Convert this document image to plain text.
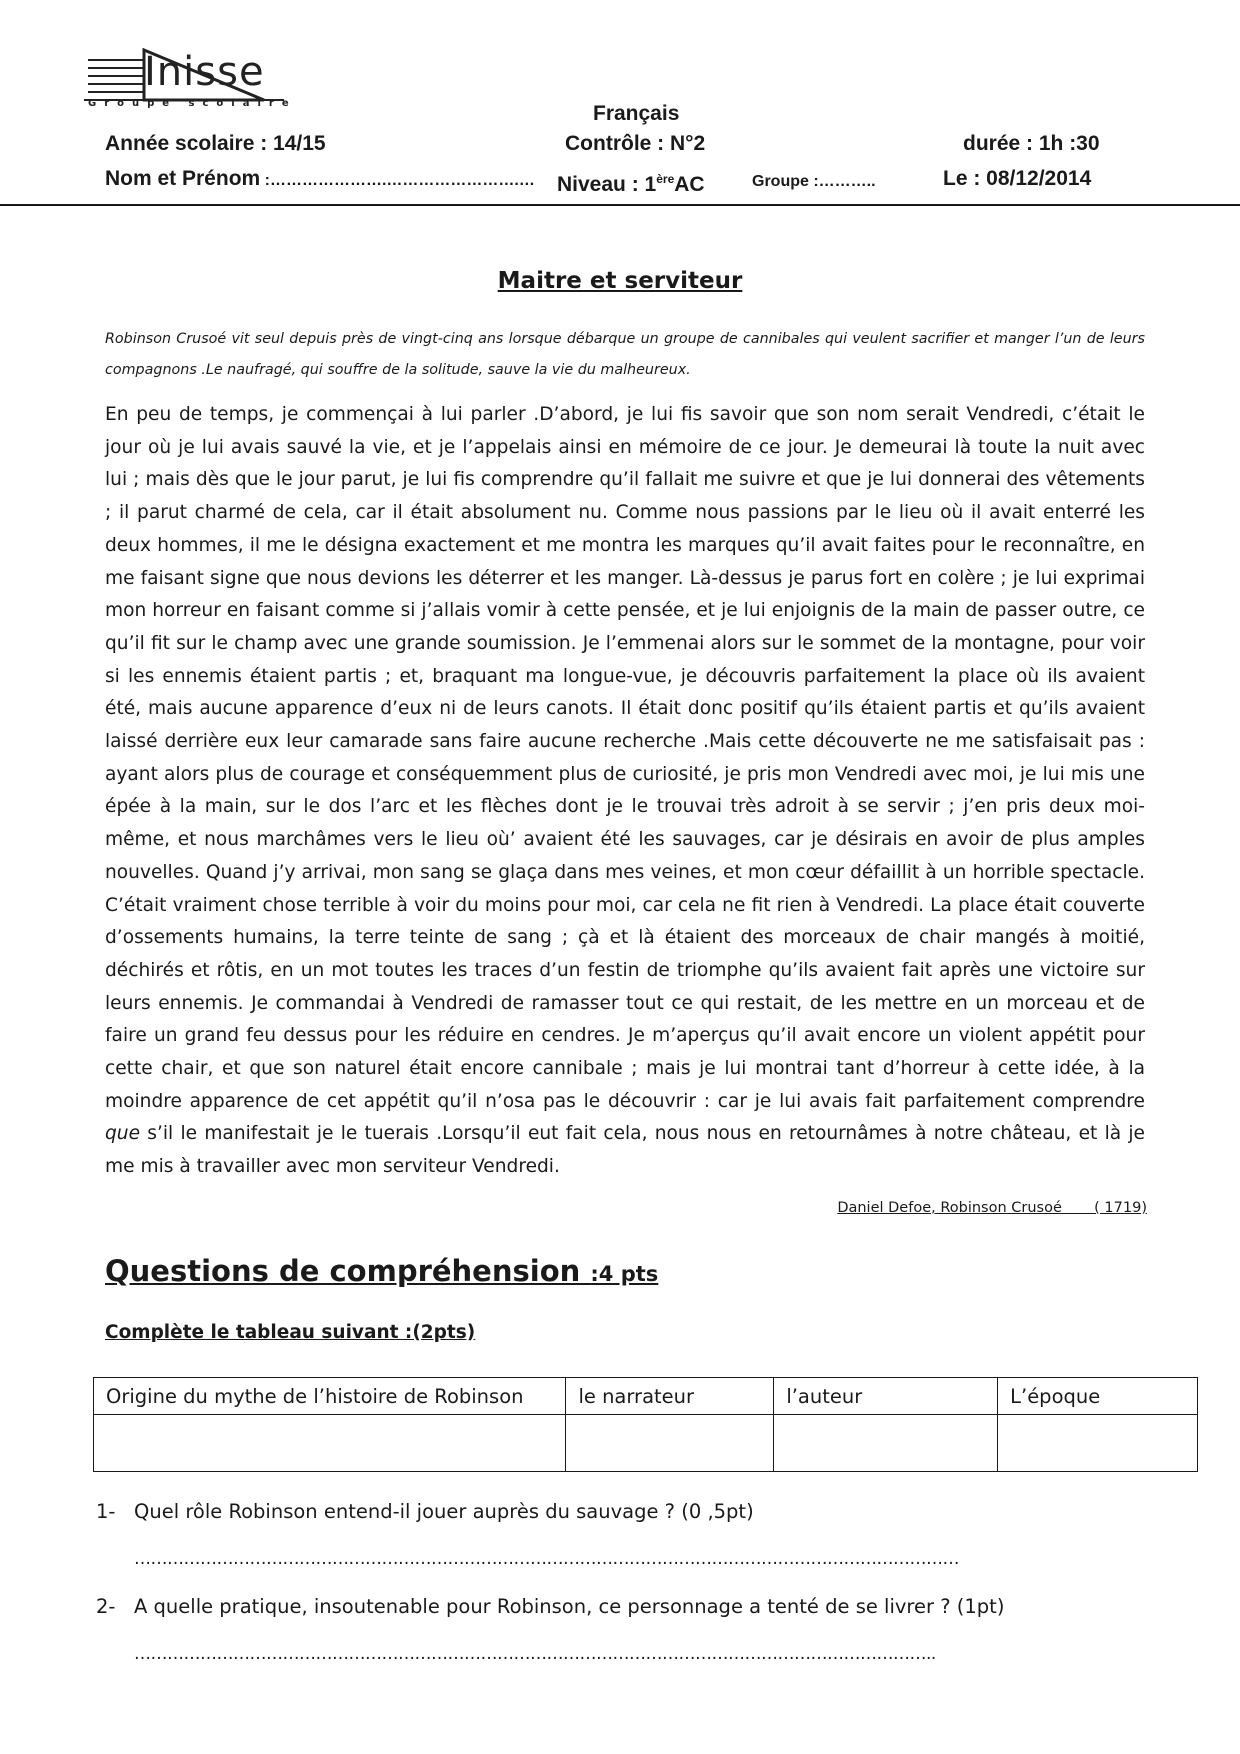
Inisse
Groupe scolaire	Français
Année scolaire : 14/15	Contrôle : N°2	durée : 1h :30
Nom et Prénom :………………….…………………….… Niveau : 1èreAC	Groupe :………..	Le : 08/12/2014
Maitre et serviteur

Robinson Crusoé vit seul depuis près de vingt-cinq ans lorsque débarque un groupe de cannibales qui veulent sacrifier et manger l’un de leurs compagnons .Le naufragé, qui souffre de la solitude, sauve la vie du malheureux.

En peu de temps, je commençai à lui parler .D’abord, je lui fis savoir que son nom serait Vendredi, c’était le jour où je lui avais sauvé la vie, et je l’appelais ainsi en mémoire de ce jour. Je demeurai là toute la nuit avec lui ; mais dès que le jour parut, je lui fis comprendre qu’il fallait me suivre et que je lui donnerai des vêtements ; il parut charmé de cela, car il était absolument nu. Comme nous passions par le lieu où il avait enterré les deux hommes, il me le désigna exactement et me montra les marques qu’il avait faites pour le reconnaître, en me faisant signe que nous devions les déterrer et les manger. Là-dessus je parus fort en colère ; je lui exprimai mon horreur en faisant comme si j’allais vomir à cette pensée, et je lui enjoignis de la main de passer outre, ce qu’il fit sur le champ avec une grande soumission. Je l’emmenai alors sur le sommet de la montagne, pour voir si les ennemis étaient partis ; et, braquant ma longue-vue, je découvris parfaitement la place où ils avaient été, mais aucune apparence d’eux ni de leurs canots. Il était donc positif qu’ils étaient partis et qu’ils avaient laissé derrière eux leur camarade sans faire aucune recherche .Mais cette découverte ne me satisfaisait pas : ayant alors plus de courage et conséquemment plus de curiosité, je pris mon Vendredi avec moi, je lui mis une épée à la main, sur le dos l’arc et les flèches dont je le trouvai très adroit à se servir ; j’en pris deux moi-même, et nous marchâmes vers le lieu où’ avaient été les sauvages, car je désirais en avoir de plus amples nouvelles. Quand j’y arrivai, mon sang se glaça dans mes veines, et mon cœur défaillit à un horrible spectacle. C’était vraiment chose terrible à voir du moins pour moi, car cela ne fit rien à Vendredi. La place était couverte d’ossements humains, la terre teinte de sang ; çà et là étaient des morceaux de chair mangés à moitié, déchirés et rôtis, en un mot toutes les traces d’un festin de triomphe qu’ils avaient fait après une victoire sur leurs ennemis. Je commandai à Vendredi de ramasser tout ce qui restait, de les mettre en un morceau et de faire un grand feu dessus pour les réduire en cendres. Je m’aperçus qu’il avait encore un violent appétit pour cette chair, et que son naturel était encore cannibale ; mais je lui montrai tant d’horreur à cette idée, à la moindre apparence de cet appétit qu’il n’osa pas le découvrir : car je lui avais fait parfaitement comprendre que s’il le manifestait je le tuerais .Lorsqu’il eut fait cela, nous nous en retournâmes à notre château, et là je me mis à travailler avec mon serviteur Vendredi.

Daniel Defoe, Robinson Crusoé       ( 1719)
Questions de compréhension :4 pts
Complète le tableau suivant :(2pts)
Origine du mythe de l’histoire de Robinson	le narrateur	l’auteur	L’époque

1- Quel rôle Robinson entend-il jouer auprès du sauvage ? (0 ,5pt)
……………………………………………………………………………………………………………………………………
2- A quelle pratique, insoutenable pour Robinson, ce personnage a tenté de se livrer ? (1pt)
………………………………………………………………………………………………………………………………..
